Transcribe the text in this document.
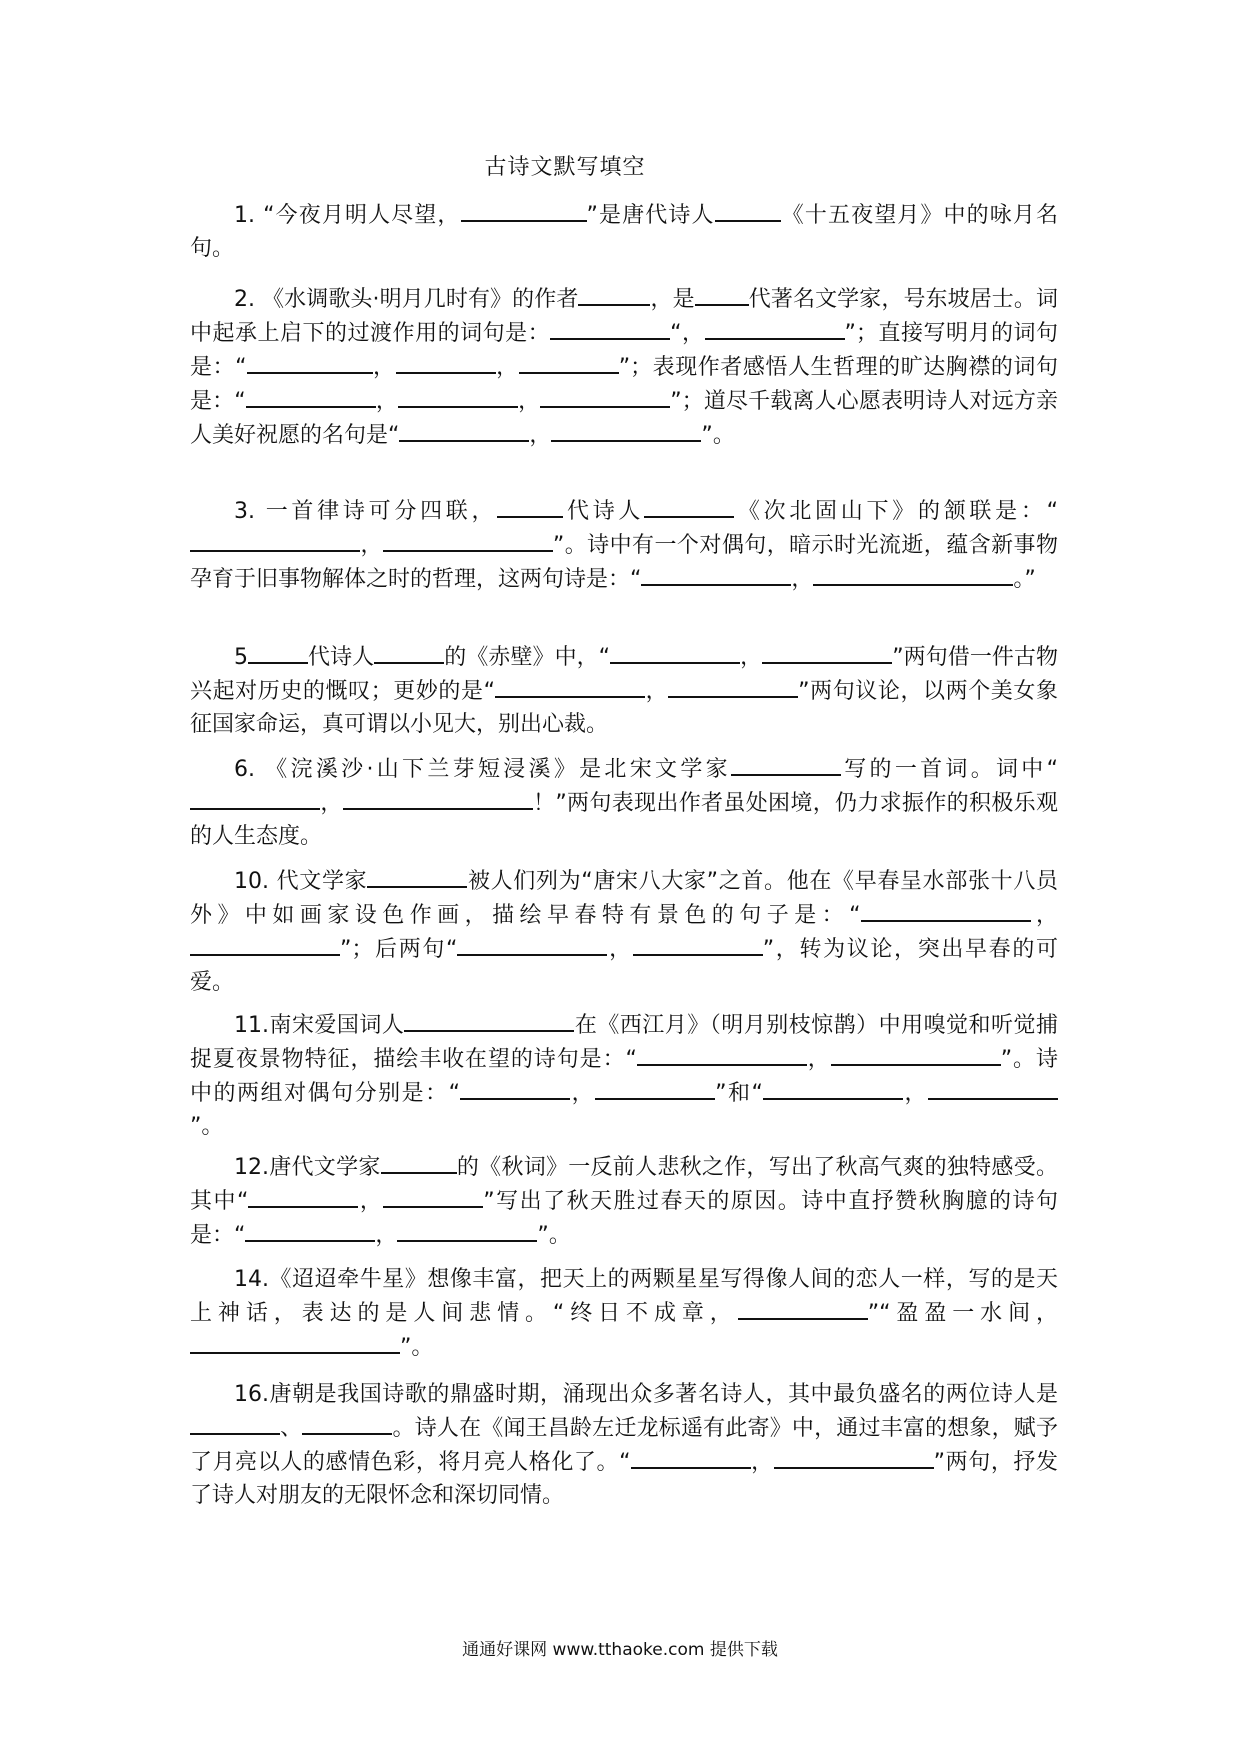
古诗文默写填空

1. “今夜月明人尽望，	”是唐代诗人	《十五夜望月》中的咏月名句。

2. 《水调歌头·明月几时有》的作者	，是 代著名文学家，号东坡居士。词中起承上启下的过渡作用的词句是：	“，	”；直接写明月的词句是：“	，	，	”；表现作者感悟人生哲理的旷达胸襟的词句是：“	，	，	”；道尽千载离人心愿表明诗人对远方亲人美好祝愿的名句是“	，	”。

3. 一首律诗可分四联，	代诗人	《次北固山下》的颔联是：“，	”。诗中有一个对偶句，暗示时光流逝，蕴含新事物孕育于旧事物解体之时的哲理，这两句诗是：“	，	。”

5	代诗人	的《赤壁》中，“	，	”两句借一件古物兴起对历史的慨叹；更妙的是“	，	”两句议论，以两个美女象征国家命运，真可谓以小见大，别出心裁。

6. 《浣溪沙·山下兰芽短浸溪》是北宋文学家	写的一首词。词中“，	！”两句表现出作者虽处困境，仍力求振作的积极乐观的人生态度。

10. 代文学家	被人们列为“唐宋八大家”之首。他在《早春呈水部张十八员外》中如画家设色作画，描绘早春特有景色的句子是：“	，”；后两句“	，	”，转为议论，突出早春的可爱。

11.南宋爱国词人	在《西江月》（明月别枝惊鹊）中用嗅觉和听觉捕捉夏夜景物特征，描绘丰收在望的诗句是：“	，	”。诗中的两组对偶句分别是：“	，	”和“	，”。

12.唐代文学家	的《秋词》一反前人悲秋之作，写出了秋高气爽的独特感受。其中“	，	”写出了秋天胜过春天的原因。诗中直抒赞秋胸臆的诗句是：“	，	”。

14.《迢迢牵牛星》想像丰富，把天上的两颗星星写得像人间的恋人一样，写的是天上神话，表达的是人间悲情。“终日不成章，	”“盈盈一水间，”。

16.唐朝是我国诗歌的鼎盛时期，涌现出众多著名诗人，其中最负盛名的两位诗人是、	。诗人在《闻王昌龄左迁龙标遥有此寄》中，通过丰富的想象，赋予了月亮以人的感情色彩，将月亮人格化了。“	，	”两句，抒发了诗人对朋友的无限怀念和深切同情。

通通好课网 www.tthaoke.com 提供下载
